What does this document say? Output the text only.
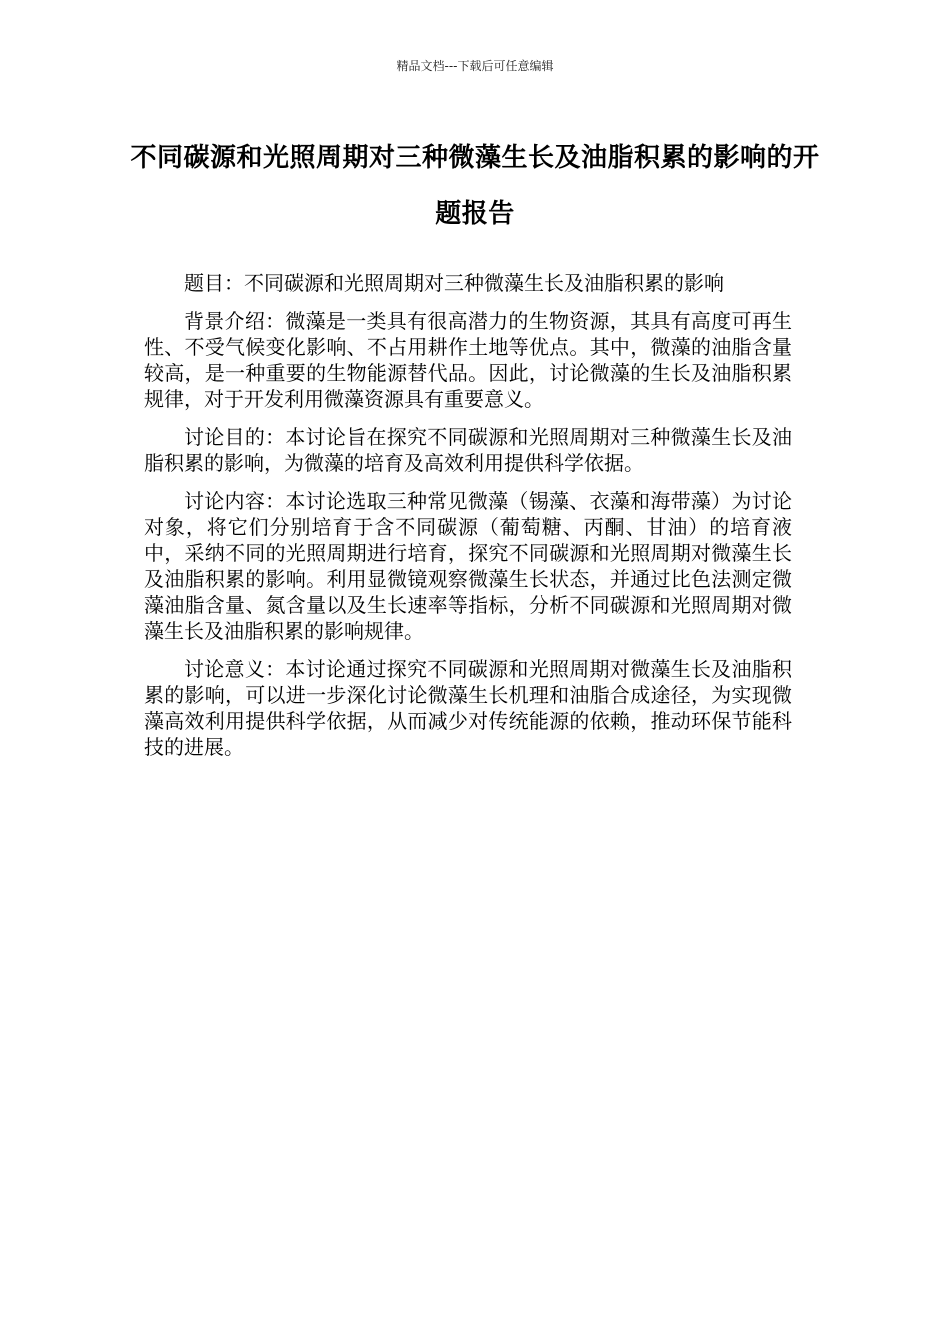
精品文档---下载后可任意编辑
不同碳源和光照周期对三种微藻生长及油脂积累的影响的开题报告

题目：不同碳源和光照周期对三种微藻生长及油脂积累的影响

背景介绍：微藻是一类具有很高潜力的生物资源，其具有高度可再生性、不受气候变化影响、不占用耕作土地等优点。其中，微藻的油脂含量较高，是一种重要的生物能源替代品。因此，讨论微藻的生长及油脂积累规律，对于开发利用微藻资源具有重要意义。

讨论目的：本讨论旨在探究不同碳源和光照周期对三种微藻生长及油脂积累的影响，为微藻的培育及高效利用提供科学依据。

讨论内容：本讨论选取三种常见微藻（锡藻、衣藻和海带藻）为讨论对象，将它们分别培育于含不同碳源（葡萄糖、丙酮、甘油）的培育液中，采纳不同的光照周期进行培育，探究不同碳源和光照周期对微藻生长及油脂积累的影响。利用显微镜观察微藻生长状态，并通过比色法测定微藻油脂含量、氮含量以及生长速率等指标，分析不同碳源和光照周期对微藻生长及油脂积累的影响规律。

讨论意义：本讨论通过探究不同碳源和光照周期对微藻生长及油脂积累的影响，可以进一步深化讨论微藻生长机理和油脂合成途径，为实现微藻高效利用提供科学依据，从而减少对传统能源的依赖，推动环保节能科技的进展。
